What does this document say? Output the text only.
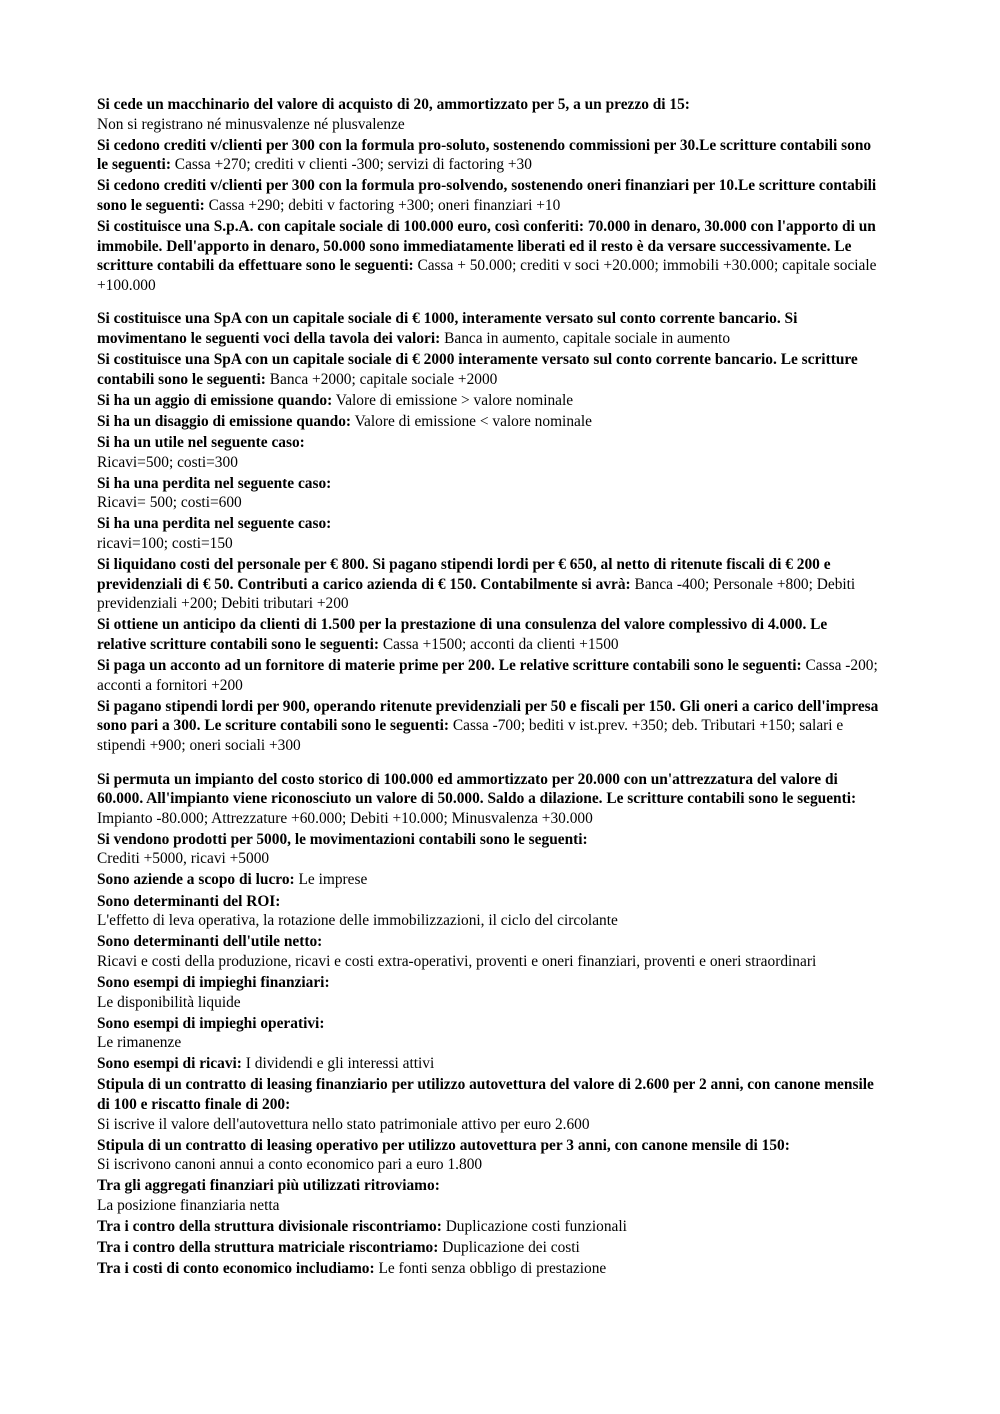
Si cede un macchinario del valore di acquisto di 20, ammortizzato per 5, a un prezzo di 15:
Non si registrano né minusvalenze né plusvalenze

Si cedono crediti v/clienti per 300 con la formula pro-soluto, sostenendo commissioni per 30.Le scritture contabili sono le seguenti: Cassa +270; crediti v clienti -300; servizi di factoring +30

Si cedono crediti v/clienti per 300 con la formula pro-solvendo, sostenendo oneri finanziari per 10.Le scritture contabili sono le seguenti: Cassa +290; debiti v factoring +300; oneri finanziari +10

Si costituisce una S.p.A. con capitale sociale di 100.000 euro, così conferiti: 70.000 in denaro, 30.000 con l'apporto di un immobile. Dell'apporto in denaro, 50.000 sono immediatamente liberati ed il resto è da versare successivamente. Le scritture contabili da effettuare sono le seguenti: Cassa + 50.000; crediti v soci +20.000; immobili +30.000; capitale sociale +100.000

Si costituisce una SpA con un capitale sociale di € 1000, interamente versato sul conto corrente bancario. Si movimentano le seguenti voci della tavola dei valori: Banca in aumento, capitale sociale in aumento

Si costituisce una SpA con un capitale sociale di € 2000 interamente versato sul conto corrente bancario. Le scritture contabili sono le seguenti: Banca +2000; capitale sociale +2000

Si ha un aggio di emissione quando: Valore di emissione > valore nominale

Si ha un disaggio di emissione quando: Valore di emissione < valore nominale

Si ha un utile nel seguente caso:
Ricavi=500; costi=300

Si ha una perdita nel seguente caso:
Ricavi= 500; costi=600

Si ha una perdita nel seguente caso:
ricavi=100; costi=150

Si liquidano costi del personale per € 800. Si pagano stipendi lordi per € 650, al netto di ritenute fiscali di € 200 e previdenziali di € 50. Contributi a carico azienda di € 150. Contabilmente si avrà: Banca -400; Personale +800; Debiti previdenziali +200; Debiti tributari +200

Si ottiene un anticipo da clienti di 1.500 per la prestazione di una consulenza del valore complessivo di 4.000. Le relative scritture contabili sono le seguenti: Cassa +1500; acconti da clienti +1500

Si paga un acconto ad un fornitore di materie prime per 200. Le relative scritture contabili sono le seguenti: Cassa -200; acconti a fornitori +200

Si pagano stipendi lordi per 900, operando ritenute previdenziali per 50 e fiscali per 150. Gli oneri a carico dell'impresa sono pari a 300. Le scriture contabili sono le seguenti: Cassa -700; bediti v ist.prev. +350; deb. Tributari +150; salari e stipendi +900; oneri sociali +300

Si permuta un impianto del costo storico di 100.000 ed ammortizzato per 20.000 con un'attrezzatura del valore di 60.000. All'impianto viene riconosciuto un valore di 50.000. Saldo a dilazione. Le scritture contabili sono le seguenti: Impianto -80.000; Attrezzature +60.000; Debiti +10.000; Minusvalenza +30.000

Si vendono prodotti per 5000, le movimentazioni contabili sono le seguenti:
Crediti +5000, ricavi +5000

Sono aziende a scopo di lucro: Le imprese

Sono determinanti del ROI:
L'effetto di leva operativa, la rotazione delle immobilizzazioni, il ciclo del circolante

Sono determinanti dell'utile netto:
Ricavi e costi della produzione, ricavi e costi extra-operativi, proventi e oneri finanziari, proventi e oneri straordinari

Sono esempi di impieghi finanziari:
Le disponibilità liquide

Sono esempi di impieghi operativi:
Le rimanenze

Sono esempi di ricavi: I dividendi e gli interessi attivi

Stipula di un contratto di leasing finanziario per utilizzo autovettura del valore di 2.600 per 2 anni, con canone mensile di 100 e riscatto finale di 200:
Si iscrive il valore dell'autovettura nello stato patrimoniale attivo per euro 2.600

Stipula di un contratto di leasing operativo per utilizzo autovettura per 3 anni, con canone mensile di 150:
Si iscrivono canoni annui a conto economico pari a euro 1.800

Tra gli aggregati finanziari più utilizzati ritroviamo:
La posizione finanziaria netta

Tra i contro della struttura divisionale riscontriamo: Duplicazione costi funzionali

Tra i contro della struttura matriciale riscontriamo: Duplicazione dei costi

Tra i costi di conto economico includiamo: Le fonti senza obbligo di prestazione
